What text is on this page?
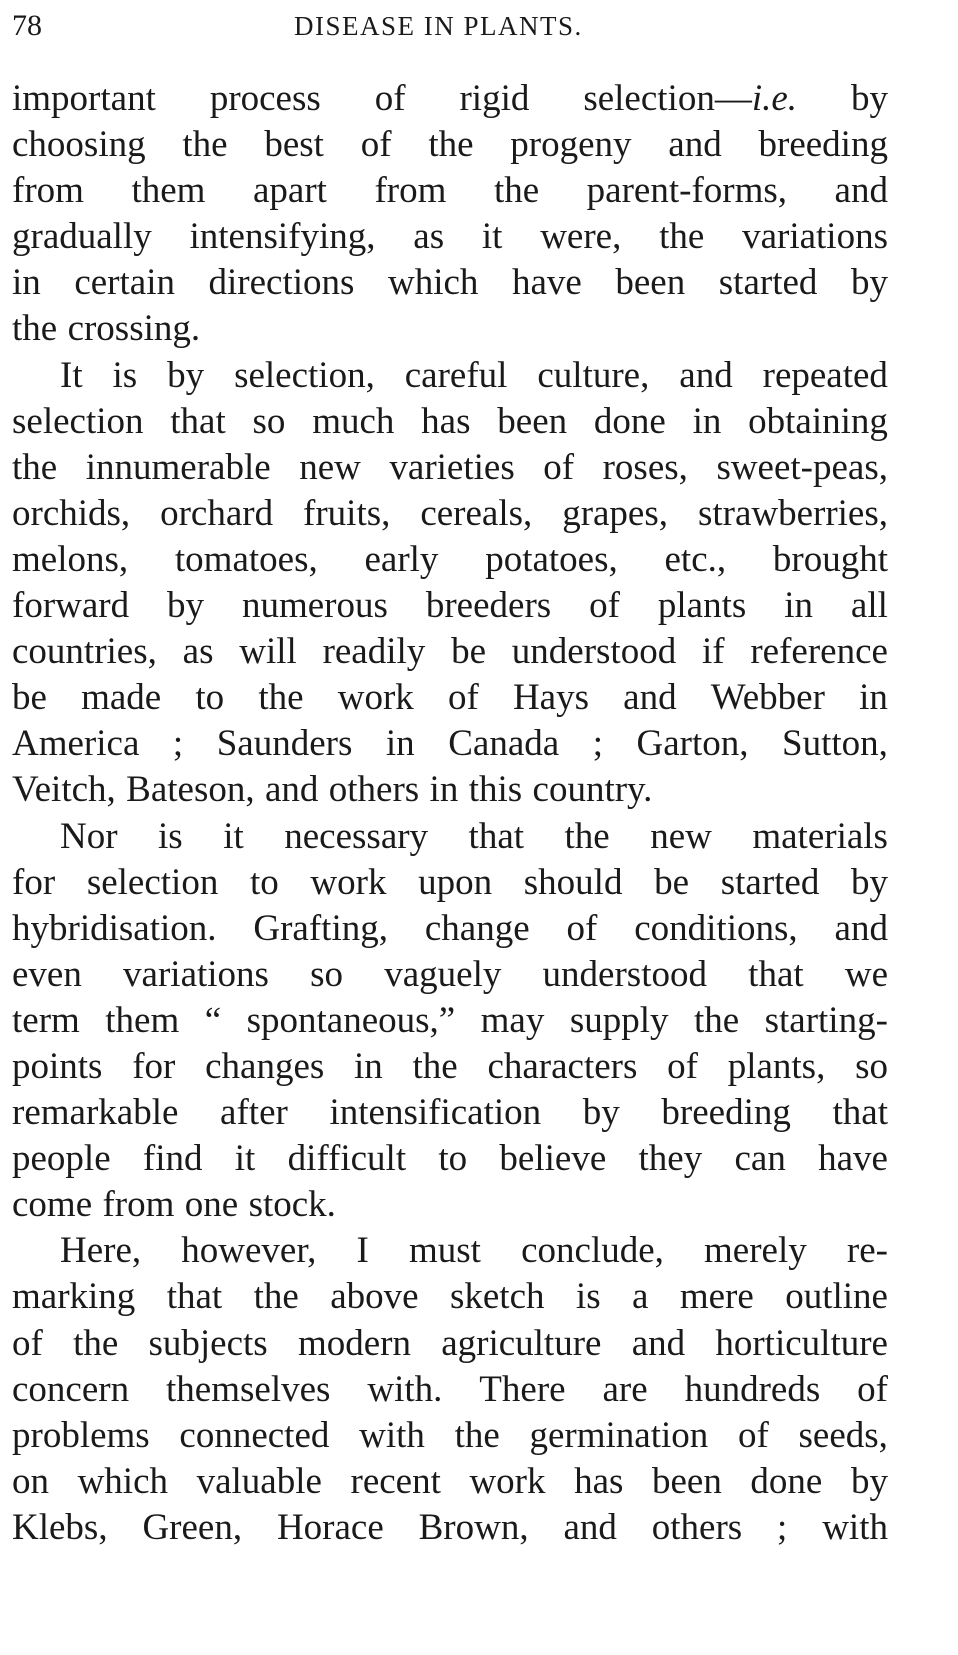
78	DISEASE IN PLANTS.
important process of rigid selection—i.e. by
choosing the best of the progeny and breeding
from them apart from the parent-forms, and
gradually intensifying, as it were, the variations
in certain directions which have been started by
the crossing.
It is by selection, careful culture, and repeated
selection that so much has been done in obtaining
the innumerable new varieties of roses, sweet-peas,
orchids, orchard fruits, cereals, grapes, strawberries,
melons, tomatoes, early potatoes, etc., brought
forward by numerous breeders of plants in all
countries, as will readily be understood if reference
be made to the work of Hays and Webber in
America ; Saunders in Canada ; Garton, Sutton,
Veitch, Bateson, and others in this country.
Nor is it necessary that the new materials
for selection to work upon should be started by
hybridisation. Grafting, change of conditions, and
even variations so vaguely understood that we
term them “ spontaneous,” may supply the starting-
points for changes in the characters of plants, so
remarkable after intensification by breeding that
people find it difficult to believe they can have
come from one stock.
Here, however, I must conclude, merely re-
marking that the above sketch is a mere outline
of the subjects modern agriculture and horticulture
concern themselves with. There are hundreds of
problems connected with the germination of seeds,
on which valuable recent work has been done by
Klebs, Green, Horace Brown, and others ; with
